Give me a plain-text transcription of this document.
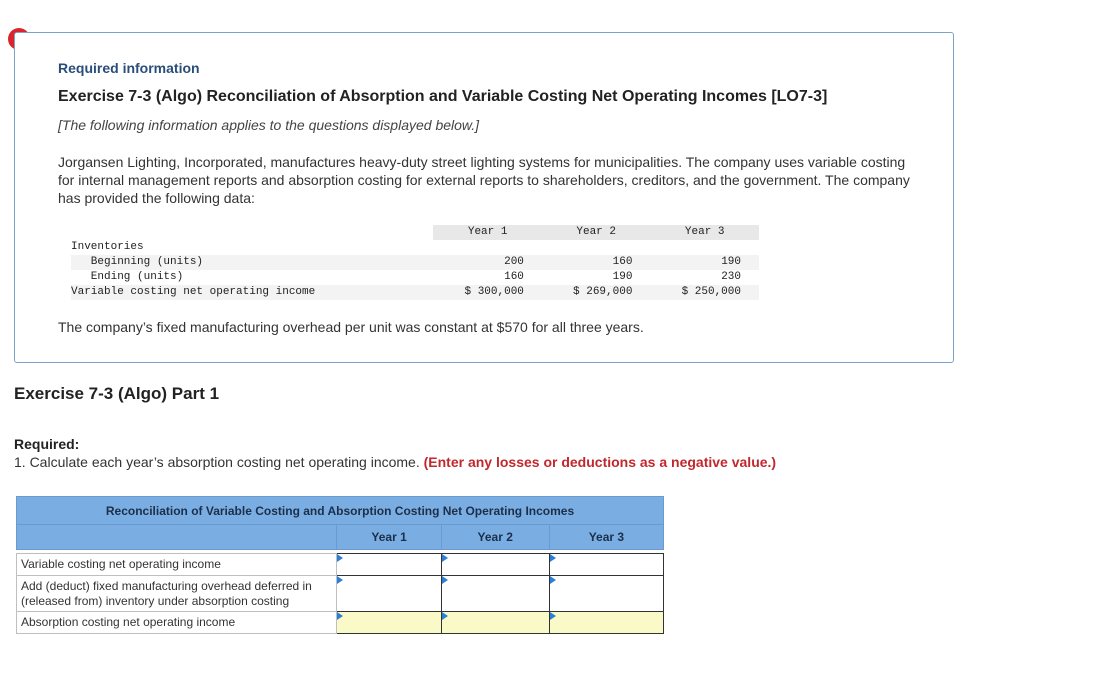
Required information
Exercise 7-3 (Algo) Reconciliation of Absorption and Variable Costing Net Operating Incomes [LO7-3]
[The following information applies to the questions displayed below.]
Jorgansen Lighting, Incorporated, manufactures heavy-duty street lighting systems for municipalities. The company uses variable costing for internal management reports and absorption costing for external reports to shareholders, creditors, and the government. The company has provided the following data:
	Year 1	Year 2	Year 3
Inventories			
Beginning (units)	200	160	190
Ending (units)	160	190	230
Variable costing net operating income	$ 300,000	$ 269,000	$ 250,000
The company’s fixed manufacturing overhead per unit was constant at $570 for all three years.
Exercise 7-3 (Algo) Part 1
Required:
1. Calculate each year’s absorption costing net operating income. (Enter any losses or deductions as a negative value.)
Reconciliation of Variable Costing and Absorption Costing Net Operating Incomes			
	Year 1	Year 2	Year 3

Variable costing net operating income			
Add (deduct) fixed manufacturing overhead deferred in (released from) inventory under absorption costing			
Absorption costing net operating income			
